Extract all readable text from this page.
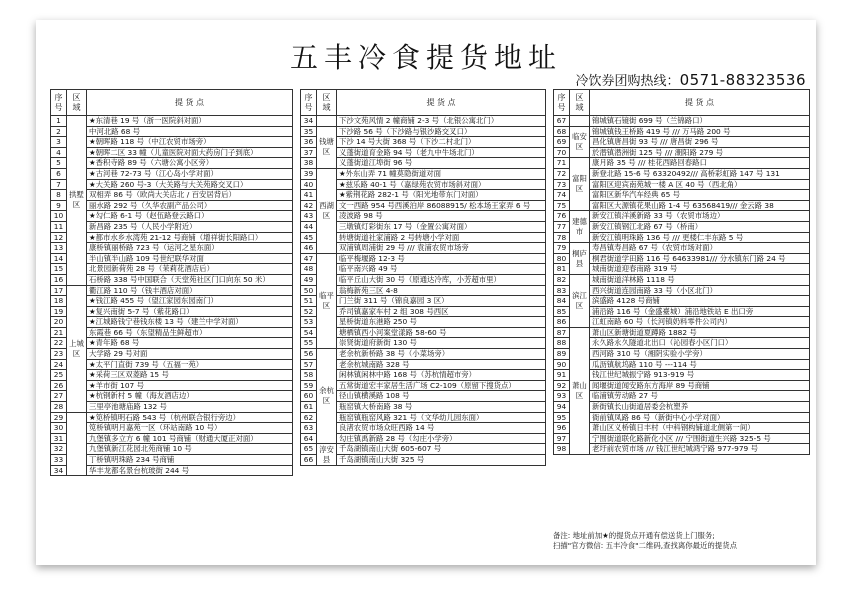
五丰冷食提货地址
冷饮券团购热线：0571-88323536
序号	区域	提 货 点
1	拱墅区	★东清巷 19 号（浙一医院斜对面）
2		中河北路 68 号
3		★朝晖路 118 号（中江农贸市场旁）
4		★朝晖二区 33 幢（儿童医院对面大药房门子到底）
5		★香积寺路 89 号（六塘公寓小区旁）
6		★古河巷 72-73 号（江心岛小学对面）
7		★大关路 260 号-3（大关路与大关苑路交叉口）
8		双相弄 86 号（欧尚大关店北 / 百安居背后）
9		丽水路 292 号（久华农副产品公司）
10		★勾仁路 6-1 号（赵伍路登云路口）
11		新昌路 235 号（人民小学附近）
12		★都市水乡水湾苑 21-12 号商铺（增祥街长阳路口）
13		康桥镇丽桥路 723 号（运河之星东面）
14		半山镇半山路 109 号世纪联华对面
15		北景园新荷苑 28 号（茉莉花酒店后）
16		石桥路 338 号中国联合（天堂苑社区门口向东 50 米）
17	上城区	衢江路 110 号（钱丰酒店对面）
18		★钱江路 455 号（望江家园东园南门）
19		★复兴南街 5-7 号（紫花路口）
20		★江城路钱宁巷钱东楼 13 号（建兰中学对面）
21		东霞巷 66 号（东望精品生鲜超市）
22		★青年路 68 号
23		大学路 29 号对面
24		★太平门直街 739 号（五福一苑）
25		★采荷三区双菱路 15 号
26		★羊市街 107 号
27		★杭钢新村 5 幢（海友酒店边）
28		三里亭池塘庙路 132 号
29		★笕桥镇明石路 543 号（杭州联合银行旁边）
30		笕桥镇明月嘉苑一区（环站南路 10 号）
31		九堡镇多立方 6 幢 101 号商铺（财通大厦正对面）
32		九堡镇新江花园北苑商铺 10 号
33		丁桥镇明珠路 234 号商铺
34		华丰龙都名景台杭玻街 244 号
序号	区域	提 货 点
34		下沙文苑风情 2 幢商铺 2-3 号（北银公寓北门）
35	钱塘区	下沙路 56 号（下沙路与银沙路交叉口）
36		下沙 14 号大街 368 号（下沙二村北门）
37		义蓬街道育金路 94 号（老九中牛场北门）
38		义蓬街道江埠街 96 号
39	西湖区	★外东山弄 71 幢莫隐街道对面
40		★兹乐路 40-1 号（嘉绿苑农贸市场斜对面）
41		★紫荆花路 282-1 号（阳光地带东门对面）
42		文一西路 954 号西溪泊岸 86088915/ 松本场王家弄 6 号
43		凌波路 98 号
44		三墩镇灯彩街东 17 号（金置公寓对面）
45		转塘街道社家浦路 2 号转塘小学对面
46		双浦镇周浦街 29 号 /// 袁浦农贸市场旁
47	临平区	临平梅堰路 12-3 号
48		临平南兴路 49 号
49		临平丘山大街 30 号（原通达冷库，小芳超市里）
50		翁梅新苑三区 4-8
51		门兰街 311 号（锦良嘉园 3 区）
52		乔司镇嘉家车村 2 组 308 号西区
53		星桥街道东港路 250 号
54		塘栖镇西小河案堂漾路 58-60 号
55		崇贤街道府新街 130 号
56	余杭区	老余杭新桥路 38 号（小菜场旁）
57		老余杭城南路 328 号
58		闲林镇闲林中路 168 号（苏杭情超市旁）
59		五常街道宏丰家居生活广场 C2-109（原留下搜货点）
60		径山镇横溪路 108 号
61		瓶窑镇大桥南路 38 号
62		瓶窑镇瓶窑风路 321 号（文华幼儿园东面）
63		良渚农贸市场众旺西路 14 号
64		勾庄镇禹新路 28 号（勾庄小学旁）
65	淳安县	千岛湖镇南山大街 605-607 号
66		千岛湖镇南山大街 325 号
序号	区域	提 货 点
67		锦城镇石镜街 699 号（兰锦路口）
68	临安区	锦城镇钱王桥路 419 号 /// 万马路 200 号
69		昌化镇唐昌街 93 号 /// 唐昌街 296 号
70		於潜镇潜洲街 125 号 /// 潮阳路 279 号
71	富阳区	康月路 35 号 /// 桂花西路回春路口
72		新登北路 15-6 号 63320492/// 高桥彩虹路 147 号 131
73		富阳区迎宾南苑城一楼 A 区 40 号（西北角）
74		富阳区新华汽车经典 65 号
75		富阳区大源镇花果山路 1-4 号 63568419/// 金云路 38
76	建德市	新安江镇洋溪新路 33 号（农贸市场边）
77		新安江镇钢江北路 67 号（桥南）
78		新安江镇明珠路 136 号 /// 更楼仁丰东路 5 号
79	桐庐县	寿昌镇寿昌路 67 号（农贸市场对面）
80		桐君街道学田路 116 号 64633981/// 分水镇东门路 24 号
81		城南街道迎春南路 319 号
82	滨江区	城南街道洋林路 1118 号
83		西兴街道连园南路 33 号（小区北门）
84		滨盛路 4128 号商铺
85		浦沿路 116 号（金盛臺城）浦沿地铁站 E 出口旁
86		江虹南路 60 号（长河镇奶料零件公司内）
87	萧山区	萧山区新塘街道夏蹲路 1882 号
88		永久路永久隧道北出口（沁园春小区门口）
89		西河路 310 号（湘阴实验小学旁）
90		瓜沥镇航坞路 110 号 ---114 号
91		钱江世纪城振宁路 913-919 号
92		闻堰街道闻安路东方海岸 89 号商铺
93		临浦镇劳动路 27 号
94		新街镇长山街道居委会杭塑养
95		衙前镇凤路 86 号（新街中心小学对面）
96		萧山区义桥镇日丰村（中科钢构铺道北侧第一间）
97		宁围街道联化路新化小区 /// 宁围街道生兴路 325-5 号
98		老圩前农贸市场 /// 钱江世纪城鸿宁路 977-979 号
备注: 地址前加★的提货点开通有偿送货上门服务;
扫描"官方微信: 五丰冷食"二维码,查找离你最近的提货点
